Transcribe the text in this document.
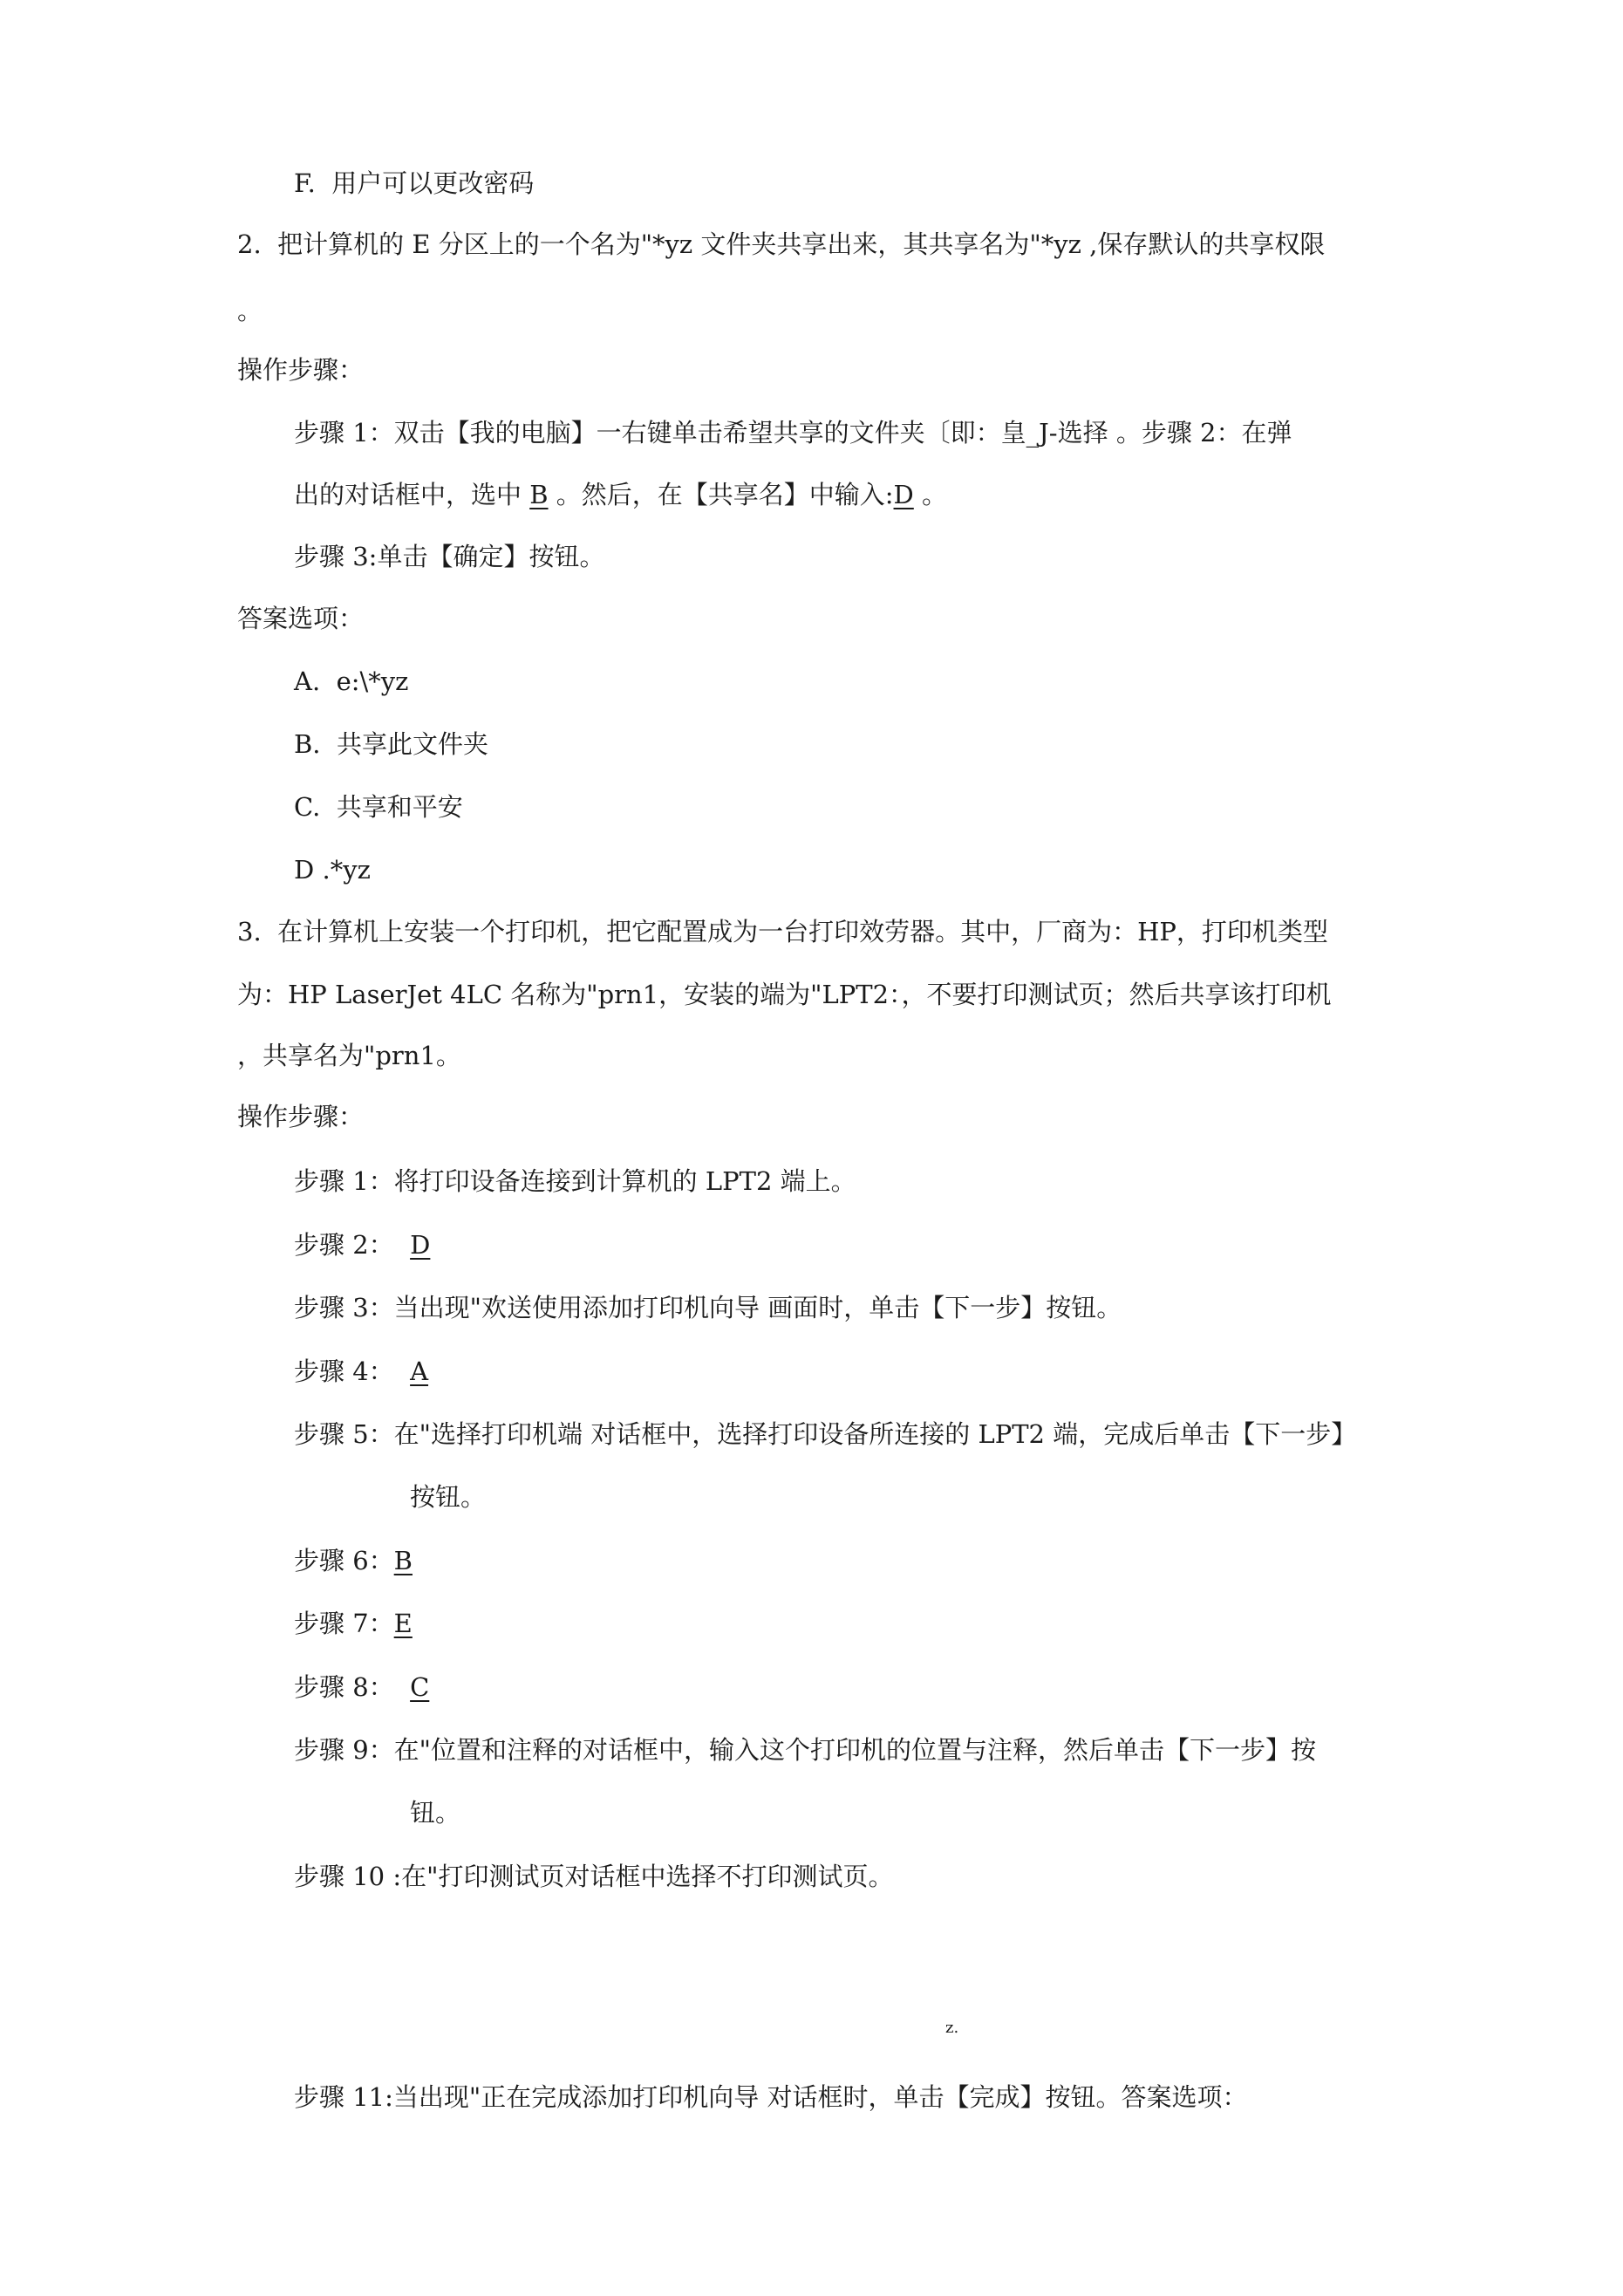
F.  用户可以更改密码
2.  把计算机的 E 分区上的一个名为"*yz 文件夹共享出来，其共享名为"*yz ,保存默认的共享权限
。
操作步骤：
步骤 1：双击【我的电脑】一右键单击希望共享的文件夹〔即：皇_J-选择 。步骤 2：在弹
出的对话框中，选中 B 。然后，在【共享名】中输入:D 。
步骤 3:单击【确定】按钮。
答案选项：
A.  e:\*yz
B.  共享此文件夹
C.  共享和平安
D .*yz
3.  在计算机上安装一个打印机，把它配置成为一台打印效劳器。其中，厂商为：HP，打印机类型
为：HP LaserJet 4LC 名称为"prn1，安装的端为"LPT2：，不要打印测试页；然后共享该打印机
，共享名为"prn1。
操作步骤：
步骤 1：将打印设备连接到计算机的 LPT2 端上。
步骤 2：  D
步骤 3：当出现"欢送使用添加打印机向导 画面时，单击【下一步】按钮。
步骤 4：  A
步骤 5：在"选择打印机端 对话框中，选择打印设备所连接的 LPT2 端，完成后单击【下一步】
按钮。
步骤 6：B
步骤 7：E
步骤 8：  C
步骤 9：在"位置和注释的对话框中，输入这个打印机的位置与注释，然后单击【下一步】按
钮。
步骤 10 :在"打印测试页对话框中选择不打印测试页。
z.
步骤 11:当出现"正在完成添加打印机向导 对话框时，单击【完成】按钮。答案选项：
